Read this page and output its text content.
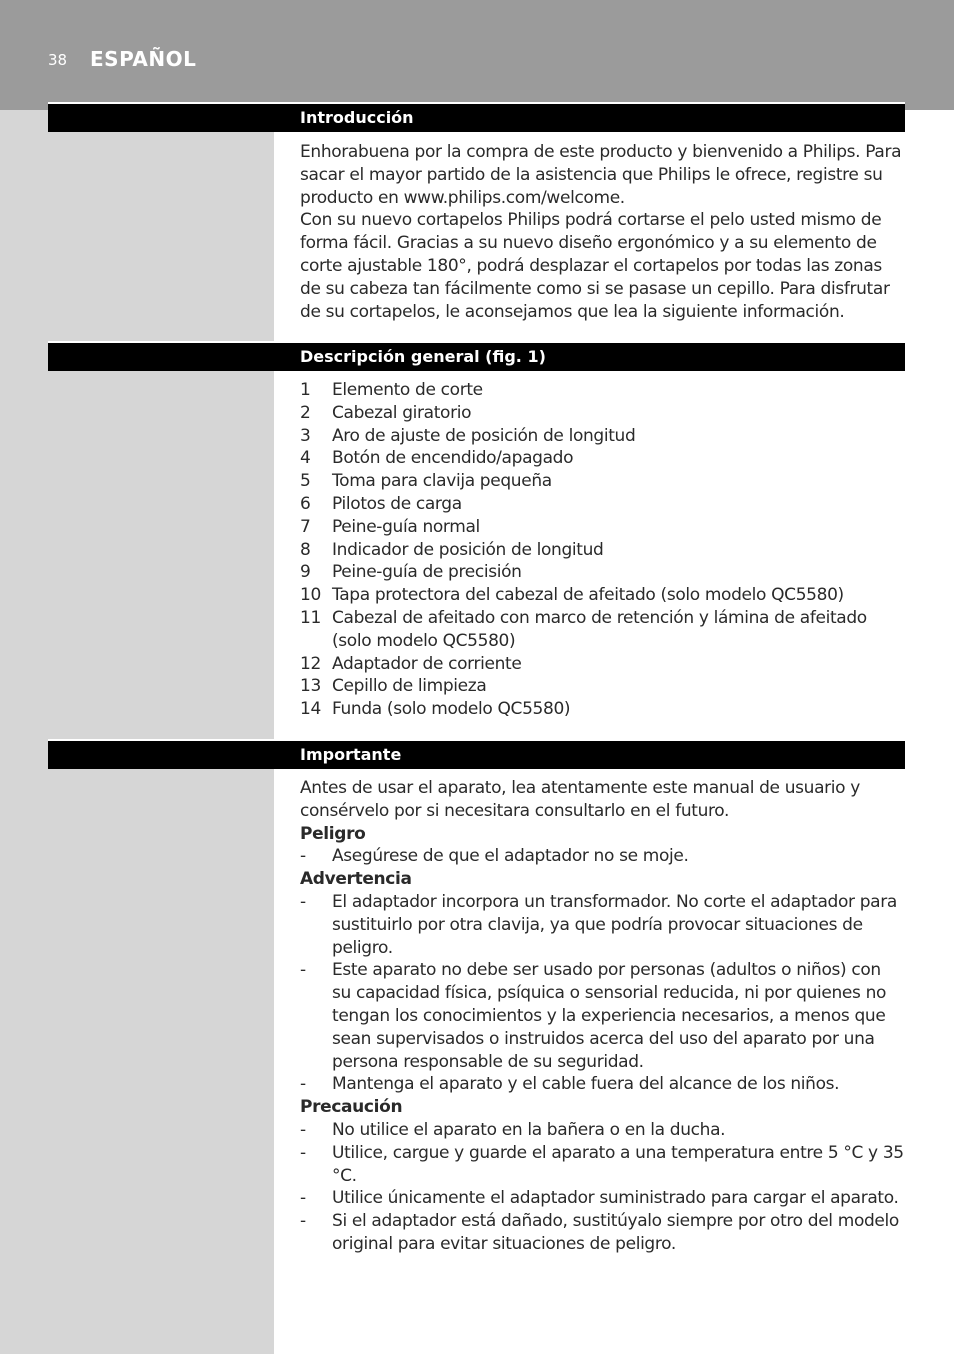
38 ESPAÑOL
Introducción

Enhorabuena por la compra de este producto y bienvenido a Philips. Para sacar el mayor partido de la asistencia que Philips le ofrece, registre su producto en www.philips.com/welcome.

Con su nuevo cortapelos Philips podrá cortarse el pelo usted mismo de forma fácil. Gracias a su nuevo diseño ergonómico y a su elemento de corte ajustable 180°, podrá desplazar el cortapelos por todas las zonas de su cabeza tan fácilmente como si se pasase un cepillo. Para disfrutar de su cortapelos, le aconsejamos que lea la siguiente información.

Descripción general (fig. 1)
1 Elemento de corte
2 Cabezal giratorio
3 Aro de ajuste de posición de longitud
4 Botón de encendido/apagado
5 Toma para clavija pequeña
6 Pilotos de carga
7 Peine-guía normal
8 Indicador de posición de longitud
9 Peine-guía de precisión
10 Tapa protectora del cabezal de afeitado (solo modelo QC5580)
11 Cabezal de afeitado con marco de retención y lámina de afeitado (solo modelo QC5580)
12 Adaptador de corriente
13 Cepillo de limpieza
14 Funda (solo modelo QC5580)
Importante

Antes de usar el aparato, lea atentamente este manual de usuario y consérvelo por si necesitara consultarlo en el futuro.

Peligro

- Asegúrese de que el adaptador no se moje.

Advertencia

- El adaptador incorpora un transformador. No corte el adaptador para sustituirlo por otra clavija, ya que podría provocar situaciones de peligro.
- Este aparato no debe ser usado por personas (adultos o niños) con su capacidad física, psíquica o sensorial reducida, ni por quienes no tengan los conocimientos y la experiencia necesarios, a menos que sean supervisados o instruidos acerca del uso del aparato por una persona responsable de su seguridad.
- Mantenga el aparato y el cable fuera del alcance de los niños.

Precaución

- No utilice el aparato en la bañera o en la ducha.
- Utilice, cargue y guarde el aparato a una temperatura entre 5 °C y 35 °C.
- Utilice únicamente el adaptador suministrado para cargar el aparato.
- Si el adaptador está dañado, sustitúyalo siempre por otro del modelo original para evitar situaciones de peligro.
